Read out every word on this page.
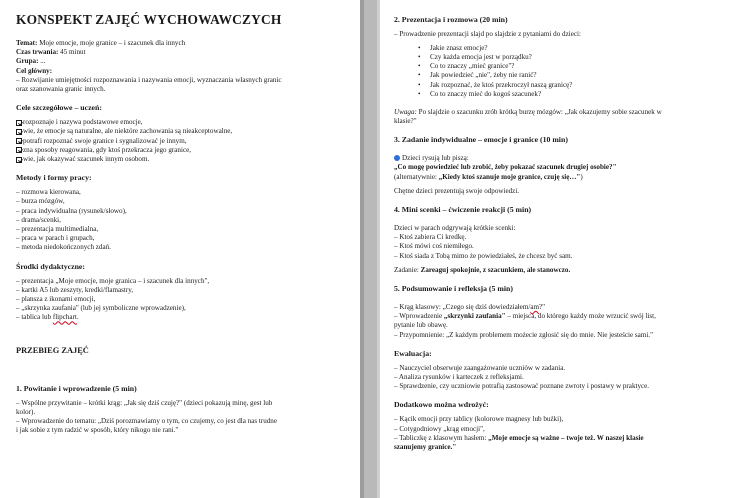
KONSPEKT ZAJĘĆ WYCHOWAWCZYCH
Temat: Moje emocje, moje granice – i szacunek dla innych
Czas trwania: 45 minut
Grupa: ...
Cel główny:
– Rozwijanie umiejętności rozpoznawania i nazywania emocji, wyznaczania własnych granic
oraz szanowania granic innych.
Cele szczegółowe – uczeń:
rozpoznaje i nazywa podstawowe emocje,
wie, że emocje są naturalne, ale niektóre zachowania są nieakceptowalne,
potrafi rozpoznać swoje granice i sygnalizować je innym,
zna sposoby reagowania, gdy ktoś przekracza jego granice,
wie, jak okazywać szacunek innym osobom.
Metody i formy pracy:
– rozmowa kierowana,
– burza mózgów,
– praca indywidualna (rysunek/słowo),
– drama/scenki,
– prezentacja multimedialna,
– praca w parach i grupach,
– metoda niedokończonych zdań.
Środki dydaktyczne:
– prezentacja „Moje emocje, moje granica – i szacunek dla innych",
– kartki A5 lub zeszyty, kredki/flamastry,
– plansza z ikonami emocji,
– „skrzynka zaufania" (lub jej symboliczne wprowadzenie),
– tablica lub flipchart.
PRZEBIEG ZAJĘĆ
1. Powitanie i wprowadzenie (5 min)
– Wspólne przywitanie – krótki krąg: „Jak się dziś czuję?" (dzieci pokazują minę, gest lub
kolor).
– Wprowadzenie do tematu: „Dziś porozmawiamy o tym, co czujemy, co jest dla nas trudne
i jak sobie z tym radzić w sposób, który nikogo nie rani."
2. Prezentacja i rozmowa (20 min)
– Prowadzenie prezentacji slajd po slajdzie z pytaniami do dzieci:
•	Jakie znasz emocje?
•	Czy każda emocja jest w porządku?
•	Co to znaczy „mieć granice"?
•	Jak powiedzieć „nie", żeby nie ranić?
•	Jak rozpoznać, że ktoś przekroczył naszą granicę?
•	Co to znaczy mieć do kogoś szacunek?
Uwaga: Po slajdzie o szacunku zrób krótką burzę mózgów: „Jak okazujemy sobie szacunek w
klasie?"
3. Zadanie indywidualne – emocje i granice (10 min)
Dzieci rysują lub piszą:
„Co mogę powiedzieć lub zrobić, żeby pokazać szacunek drugiej osobie?"
(alternatywnie: „Kiedy ktoś szanuje moje granice, czuję się…")
Chętne dzieci prezentują swoje odpowiedzi.
4. Mini scenki – ćwiczenie reakcji (5 min)
Dzieci w parach odgrywają krótkie scenki:
– Ktoś zabiera Ci kredkę.
– Ktoś mówi coś niemiłego.
– Ktoś siada z Tobą mimo że powiedziałeś, że chcesz być sam.
Zadanie: Zareaguj spokojnie, z szacunkiem, ale stanowczo.
5. Podsumowanie i refleksja (5 min)
– Krąg klasowy: „Czego się dziś dowiedziałem/am?"
– Wprowadzenie „skrzynki zaufania" – miejsca, do którego każdy może wrzucić swój list,
pytanie lub obawę.
– Przypomnienie: „Z każdym problemem możecie zgłosić się do mnie. Nie jesteście sami."
Ewaluacja:
– Nauczyciel obserwuje zaangażowanie uczniów w zadania.
– Analiza rysunków i karteczek z refleksjami.
– Sprawdzenie, czy uczniowie potrafią zastosować poznane zwroty i postawy w praktyce.
Dodatkowo można wdrożyć:
– Kącik emocji przy tablicy (kolorowe magnesy lub buźki),
– Cotygodniowy „krąg emocji",
– Tabliczkę z klasowym hasłem: „Moje emocje są ważne – twoje też. W naszej klasie
szanujemy granice."
